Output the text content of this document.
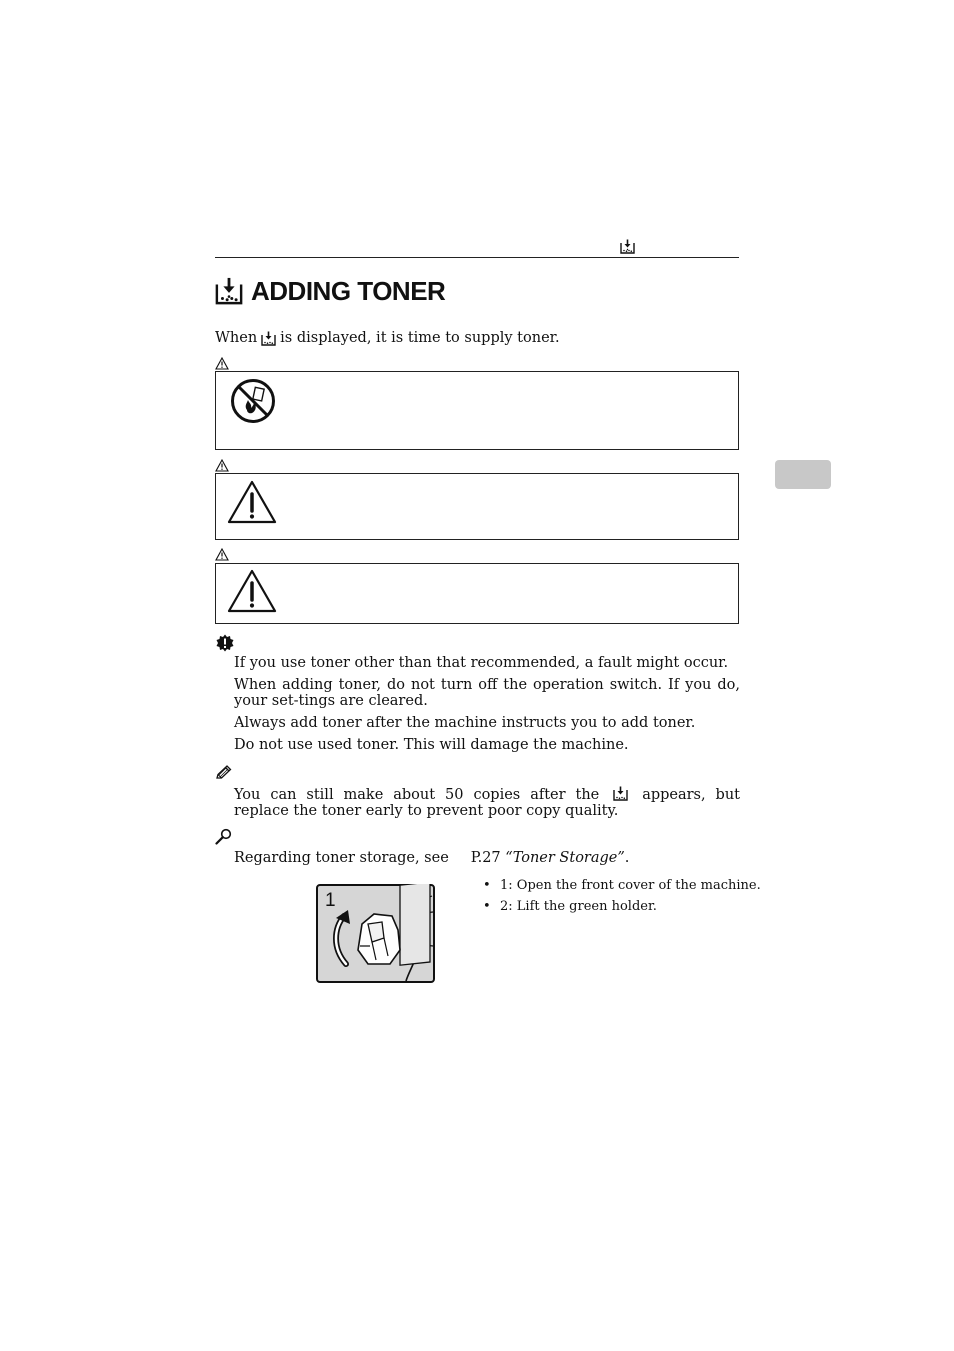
ADDING TONER
When is displayed, it is time to supply toner.

If you use toner other than that recommended, a fault might occur.

When adding toner, do not turn off the operation switch. If you do, your set-tings are cleared.

Always add toner after the machine instructs you to add toner.

Do not use used toner. This will damage the machine.

You can still make about 50 copies after the	appears, but replace the toner early to prevent poor copy quality.

Regarding toner storage, see P.27 “Toner Storage”.
1
• 1: Open the front cover of the machine.
• 2: Lift the green holder.
